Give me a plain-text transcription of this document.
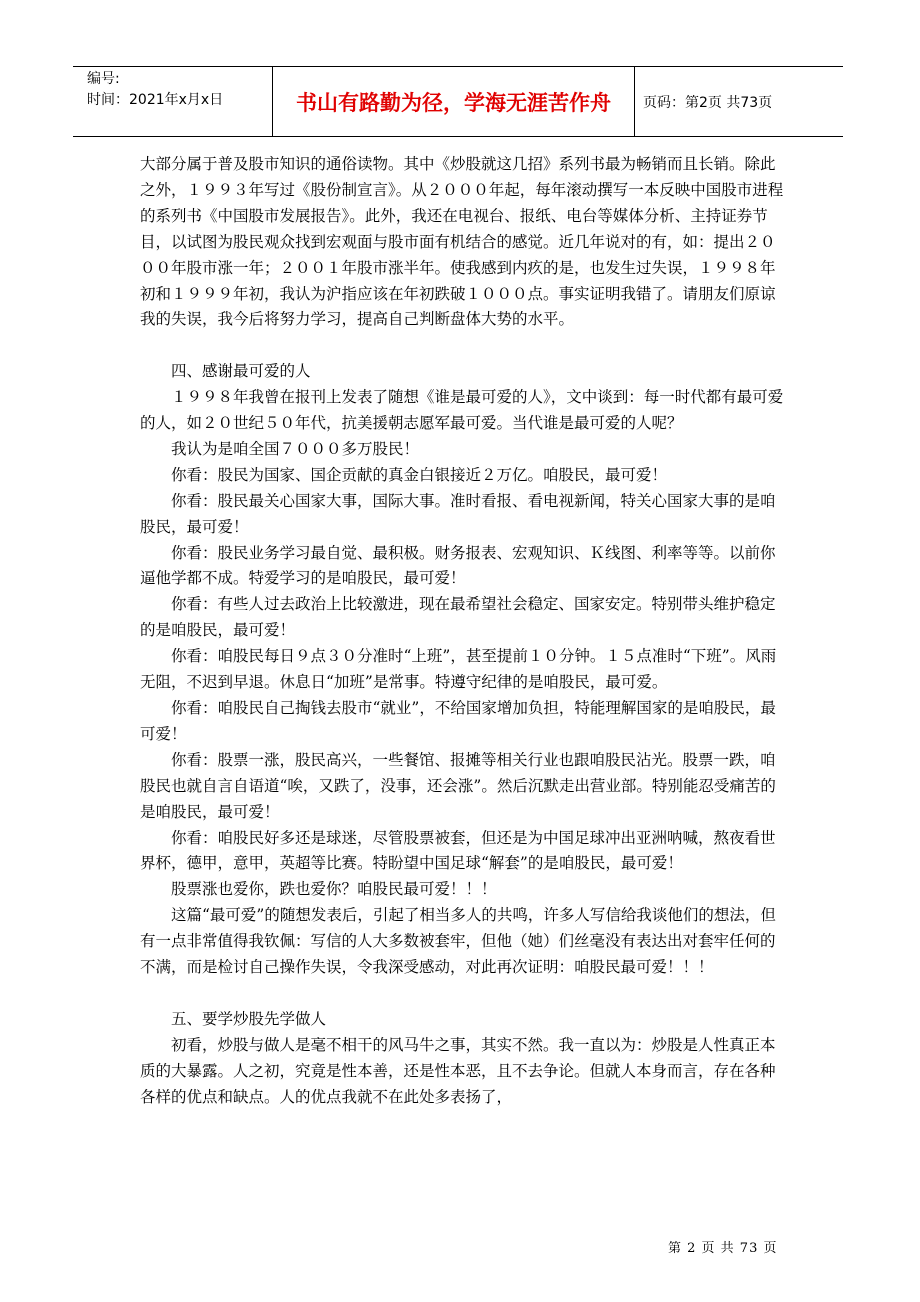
编号:
时间：2021年x月x日	书山有路勤为径，学海无涯苦作舟	页码：第2页 共73页

大部分属于普及股市知识的通俗读物。其中《炒股就这几招》系列书最为畅销而且长销。除此之外，１９９３年写过《股份制宣言》。从２０００年起，每年滚动撰写一本反映中国股市进程的系列书《中国股市发展报告》。此外，我还在电视台、报纸、电台等媒体分析、主持证券节目，以试图为股民观众找到宏观面与股市面有机结合的感觉。近几年说对的有，如：提出２０００年股市涨一年；２００１年股市涨半年。使我感到内疚的是，也发生过失误，１９９８年初和１９９９年初，我认为沪指应该在年初跌破１０００点。事实证明我错了。请朋友们原谅我的失误，我今后将努力学习，提高自己判断盘体大势的水平。

四、感谢最可爱的人

１９９８年我曾在报刊上发表了随想《谁是最可爱的人》，文中谈到：每一时代都有最可爱的人，如２０世纪５０年代，抗美援朝志愿军最可爱。当代谁是最可爱的人呢？

我认为是咱全国７０００多万股民！

你看：股民为国家、国企贡献的真金白银接近２万亿。咱股民，最可爱！

你看：股民最关心国家大事，国际大事。准时看报、看电视新闻，特关心国家大事的是咱股民，最可爱！

你看：股民业务学习最自觉、最积极。财务报表、宏观知识、Ｋ线图、利率等等。以前你逼他学都不成。特爱学习的是咱股民，最可爱！

你看：有些人过去政治上比较激进，现在最希望社会稳定、国家安定。特别带头维护稳定的是咱股民，最可爱！

你看：咱股民每日９点３０分准时“上班”，甚至提前１０分钟。１５点准时“下班”。风雨无阻，不迟到早退。休息日“加班”是常事。特遵守纪律的是咱股民，最可爱。

你看：咱股民自己掏钱去股市“就业”，不给国家增加负担，特能理解国家的是咱股民，最可爱！

你看：股票一涨，股民高兴，一些餐馆、报摊等相关行业也跟咱股民沾光。股票一跌，咱股民也就自言自语道“唉，又跌了，没事，还会涨”。然后沉默走出营业部。特别能忍受痛苦的是咱股民，最可爱！

你看：咱股民好多还是球迷，尽管股票被套，但还是为中国足球冲出亚洲呐喊，熬夜看世界杯，德甲，意甲，英超等比赛。特盼望中国足球“解套”的是咱股民，最可爱！

股票涨也爱你，跌也爱你？咱股民最可爱！！！

这篇“最可爱”的随想发表后，引起了相当多人的共鸣，许多人写信给我谈他们的想法，但有一点非常值得我钦佩：写信的人大多数被套牢，但他（她）们丝毫没有表达出对套牢任何的不满，而是检讨自己操作失误，令我深受感动，对此再次证明：咱股民最可爱！！！

五、要学炒股先学做人

初看，炒股与做人是毫不相干的风马牛之事，其实不然。我一直以为：炒股是人性真正本质的大暴露。人之初，究竟是性本善，还是性本恶，且不去争论。但就人本身而言，存在各种各样的优点和缺点。人的优点我就不在此处多表扬了，

第 2 页 共 73 页
